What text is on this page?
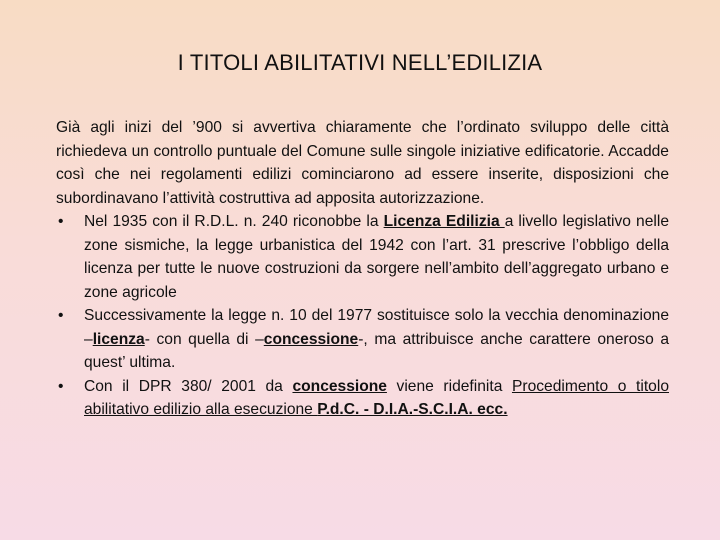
I TITOLI ABILITATIVI NELL’EDILIZIA

Già agli inizi del ’900 si avvertiva chiaramente che l’ordinato sviluppo delle città richiedeva un controllo puntuale del Comune sulle singole iniziative edificatorie. Accadde così che nei regolamenti edilizi cominciarono ad essere inserite, disposizioni che subordinavano l’attività costruttiva ad apposita autorizzazione.

• Nel 1935 con il R.D.L. n. 240 riconobbe la Licenza Edilizia a livello legislativo nelle zone sismiche, la legge urbanistica del 1942 con l’art. 31 prescrive l’obbligo della licenza per tutte le nuove costruzioni da sorgere nell’ambito dell’aggregato urbano e zone agricole
• Successivamente la legge n. 10 del 1977 sostituisce solo la vecchia denominazione –licenza- con quella di –concessione-, ma attribuisce anche carattere oneroso a quest’ ultima.
• Con il DPR 380/ 2001 da concessione viene ridefinita Procedimento o titolo abilitativo edilizio alla esecuzione P.d.C. - D.I.A.-S.C.I.A. ecc.
